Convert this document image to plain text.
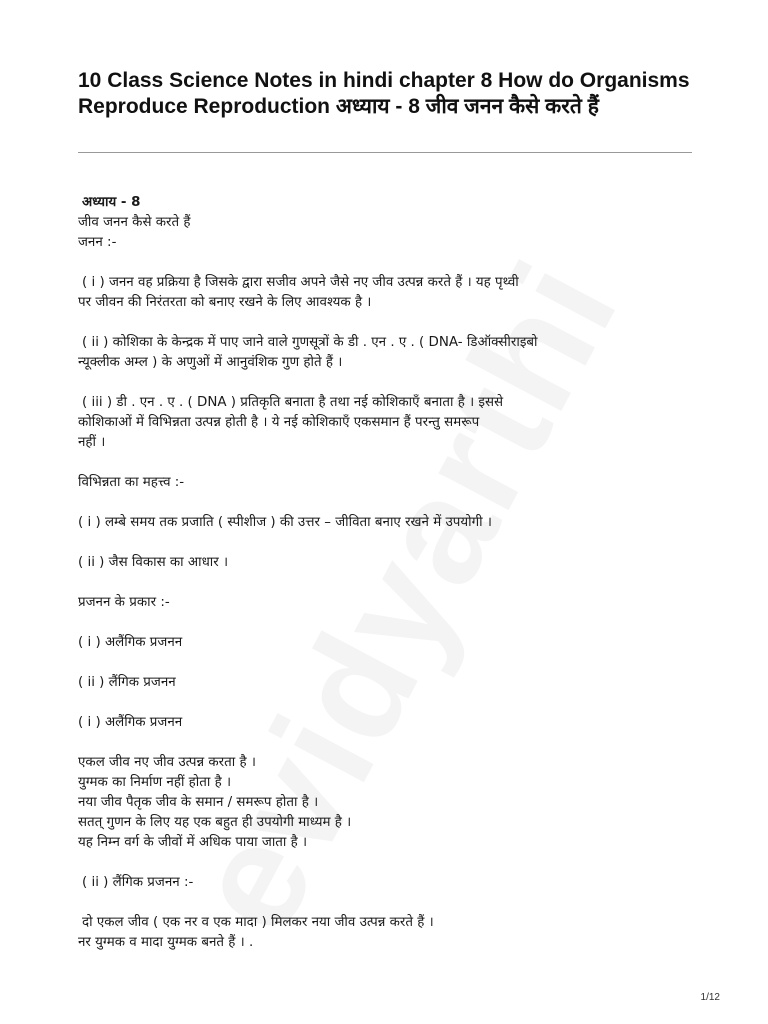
10 Class Science Notes in hindi chapter 8 How do Organisms Reproduce Reproduction अध्याय - 8 जीव जनन कैसे करते हैं
अध्याय - 8
जीव जनन कैसे करते हैं
जनन :-
( i ) जनन वह प्रक्रिया है जिसके द्वारा सजीव अपने जैसे नए जीव उत्पन्न करते हैं । यह पृथ्वी
पर जीवन की निरंतरता को बनाए रखने के लिए आवश्यक है ।
( ii ) कोशिका के केन्द्रक में पाए जाने वाले गुणसूत्रों के डी . एन . ए . ( DNA- डिऑक्सीराइबो
न्यूक्लीक अम्ल ) के अणुओं में आनुवंशिक गुण होते हैं ।
( iii ) डी . एन . ए . ( DNA ) प्रतिकृति बनाता है तथा नई कोशिकाएँ बनाता है । इससे
कोशिकाओं में विभिन्नता उत्पन्न होती है । ये नई कोशिकाएँ एकसमान हैं परन्तु समरूप
नहीं ।
विभिन्नता का महत्त्व :-
( i ) लम्बे समय तक प्रजाति ( स्पीशीज ) की उत्तर – जीविता बनाए रखने में उपयोगी ।
( ii ) जैस विकास का आधार ।
प्रजनन के प्रकार :-
( i ) अलैंगिक प्रजनन
( ii ) लैंगिक प्रजनन
( i ) अलैंगिक प्रजनन
एकल जीव नए जीव उत्पन्न करता है ।
युग्मक का निर्माण नहीं होता है ।
नया जीव पैतृक जीव के समान / समरूप होता है ।
सतत् गुणन के लिए यह एक बहुत ही उपयोगी माध्यम है ।
यह निम्न वर्ग के जीवों में अधिक पाया जाता है ।
( ii ) लैंगिक प्रजनन :-
दो एकल जीव ( एक नर व एक मादा ) मिलकर नया जीव उत्पन्न करते हैं ।
नर युग्मक व मादा युग्मक बनते हैं । .
1/12
